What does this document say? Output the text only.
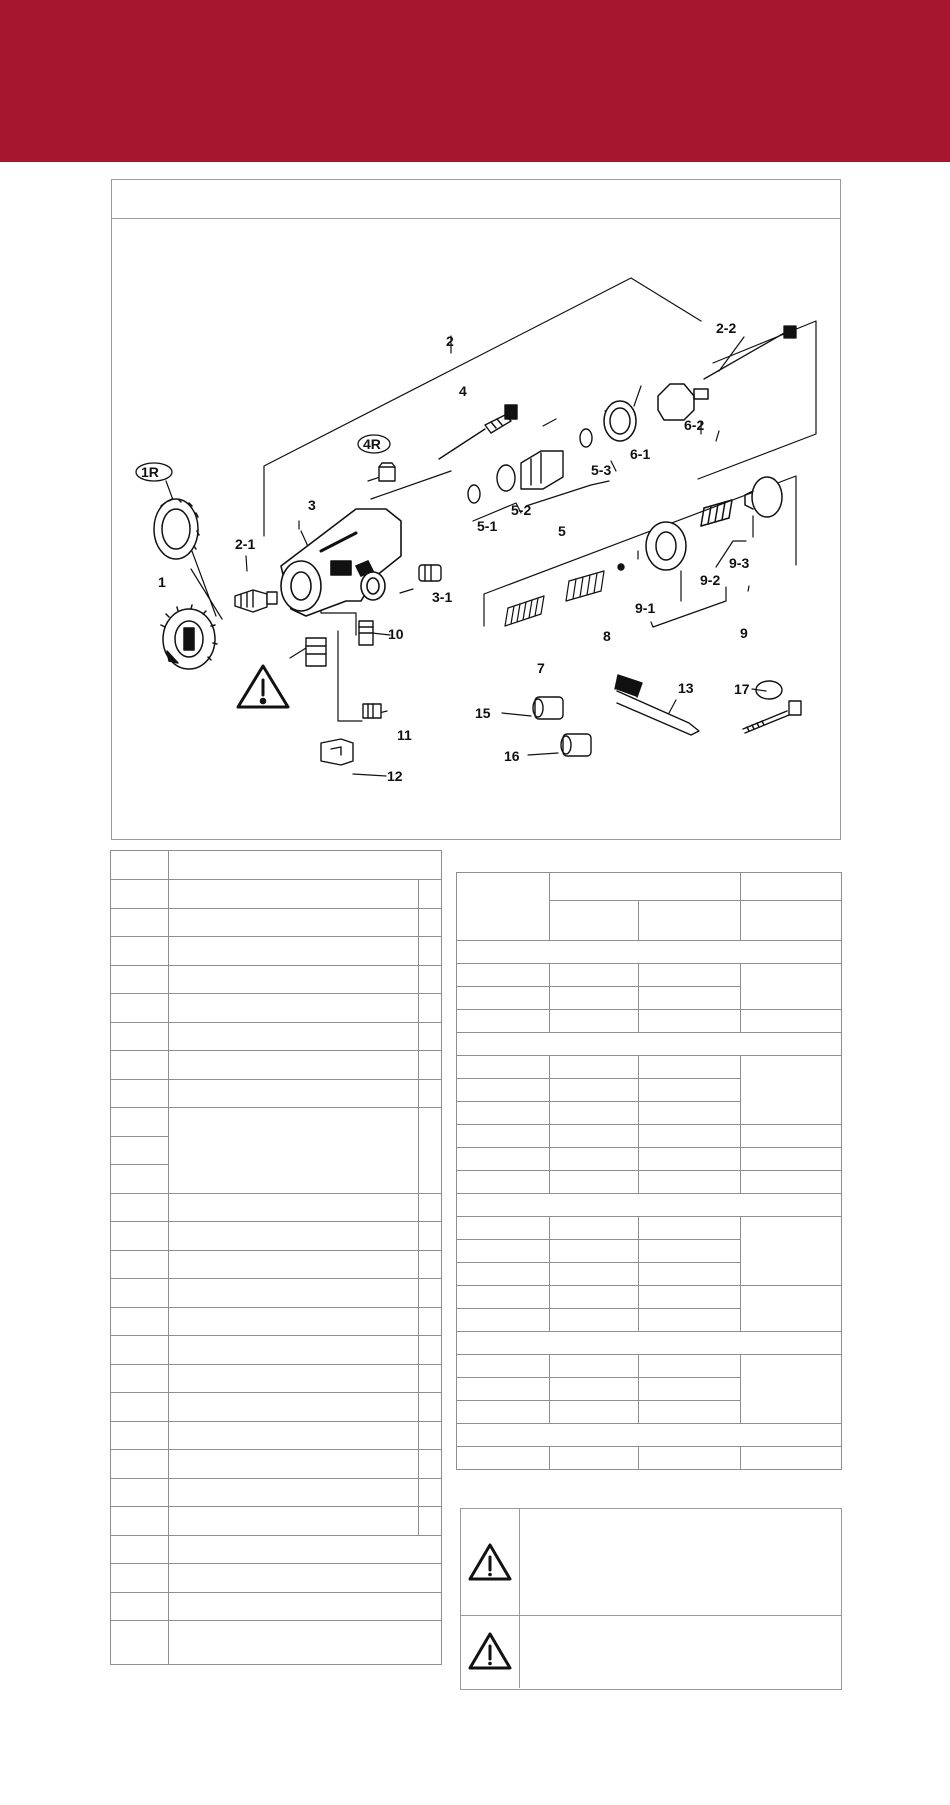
1R
1
2
2-1
2-2
3
3-1
4
4R
5
5-1
5-2
5-3
6-1
6-2
7
8	9
9-1
9-2
9-3
10
11
12
13
15
16
17
